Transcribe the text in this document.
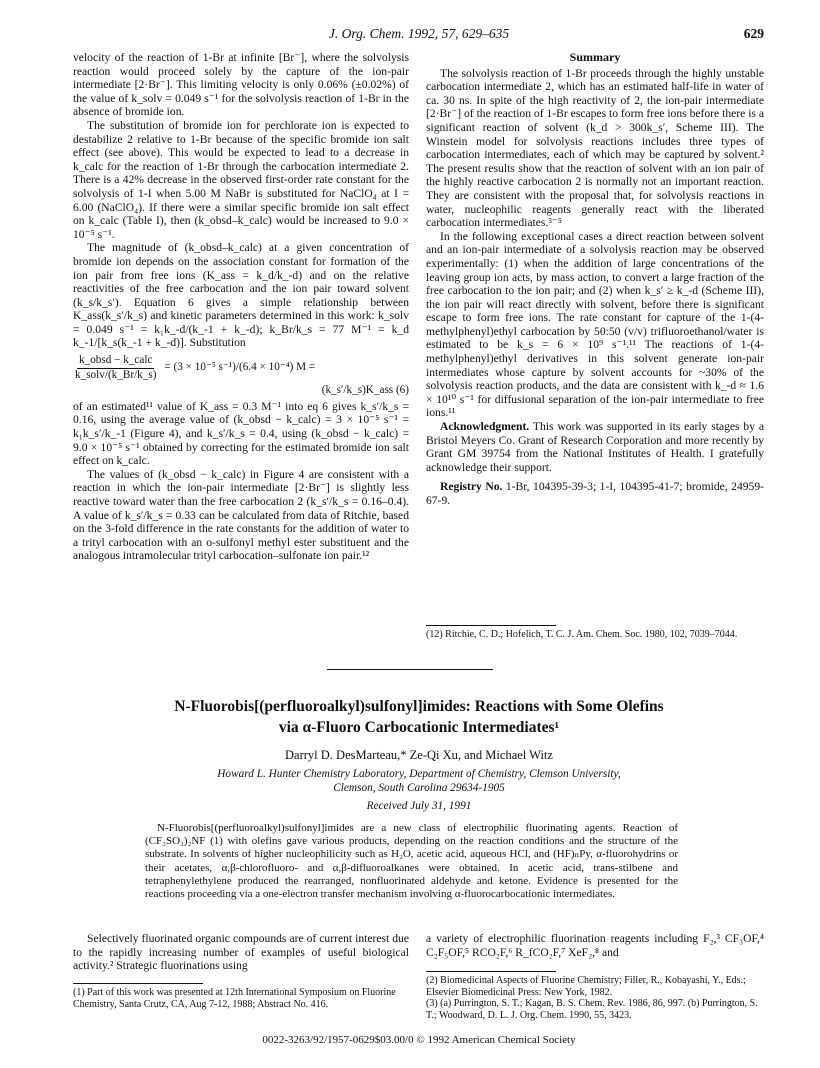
J. Org. Chem. 1992, 57, 629–635	629

velocity of the reaction of 1-Br at infinite [Br⁻], where the solvolysis reaction would proceed solely by the capture of the ion-pair intermediate [2·Br⁻]. This limiting velocity is only 0.06% (±0.02%) of the value of k_solv = 0.049 s⁻¹ for the solvolysis reaction of 1-Br in the absence of bromide ion.

The substitution of bromide ion for perchlorate ion is expected to destabilize 2 relative to 1-Br because of the specific bromide ion salt effect (see above). This would be expected to lead to a decrease in k_calc for the reaction of 1-Br through the carbocation intermediate 2. There is a 42% decrease in the observed first-order rate constant for the solvolysis of 1-I when 5.00 M NaBr is substituted for NaClO₄ at I = 6.00 (NaClO₄). If there were a similar specific bromide ion salt effect on k_calc (Table I), then (k_obsd–k_calc) would be increased to 9.0 × 10⁻⁵ s⁻¹.

The magnitude of (k_obsd–k_calc) at a given concentration of bromide ion depends on the association constant for formation of the ion pair from free ions (K_ass = k_d/k_-d) and on the relative reactivities of the free carbocation and the ion pair toward solvent (k_s/k_s′). Equation 6 gives a simple relationship between K_ass(k_s′/k_s) and kinetic parameters determined in this work: k_solv = 0.049 s⁻¹ = k₁k_-d/(k_-1 + k_-d); k_Br/k_s = 77 M⁻¹ = k_d k_-1/[k_s(k_-1 + k_-d)]. Substitution

$\frac{\text{k\_obsd − k\_calc}}{\text{k\_solv/(k\_Br/k\_s)}} = (3 \times 10^{-5}$ s⁻¹)/(6.4 × 10⁻⁴) M =
(k_s′/k_s)K_ass (6)

of an estimated¹¹ value of K_ass = 0.3 M⁻¹ into eq 6 gives k_s′/k_s = 0.16, using the average value of (k_obsd − k_calc) = 3 × 10⁻⁵ s⁻¹ = k₁k_s′/k_-1 (Figure 4), and k_s′/k_s = 0.4, using (k_obsd − k_calc) = 9.0 × 10⁻⁵ s⁻¹ obtained by correcting for the estimated bromide ion salt effect on k_calc.

The values of (k_obsd − k_calc) in Figure 4 are consistent with a reaction in which the ion-pair intermediate [2·Br⁻] is slightly less reactive toward water than the free carbocation 2 (k_s′/k_s = 0.16–0.4). A value of k_s′/k_s = 0.33 can be calculated from data of Ritchie, based on the 3-fold difference in the rate constants for the addition of water to a trityl carbocation with an o-sulfonyl methyl ester substituent and the analogous intramolecular trityl carbocation–sulfonate ion pair.¹²

Summary

The solvolysis reaction of 1-Br proceeds through the highly unstable carbocation intermediate 2, which has an estimated half-life in water of ca. 30 ns. In spite of the high reactivity of 2, the ion-pair intermediate [2·Br⁻] of the reaction of 1-Br escapes to form free ions before there is a significant reaction of solvent (k_d > 300k_s′, Scheme III). The Winstein model for solvolysis reactions includes three types of carbocation intermediates, each of which may be captured by solvent.² The present results show that the reaction of solvent with an ion pair of the highly reactive carbocation 2 is normally not an important reaction. They are consistent with the proposal that, for solvolysis reactions in water, nucleophilic reagents generally react with the liberated carbocation intermediates.³⁻⁵

In the following exceptional cases a direct reaction between solvent and an ion-pair intermediate of a solvolysis reaction may be observed experimentally: (1) when the addition of large concentrations of the leaving group ion acts, by mass action, to convert a large fraction of the free carbocation to the ion pair; and (2) when k_s′ ≥ k_-d (Scheme III), the ion pair will react directly with solvent, before there is significant escape to form free ions. The rate constant for capture of the 1-(4-methylphenyl)ethyl carbocation by 50:50 (v/v) trifluoroethanol/water is estimated to be k_s = 6 × 10⁹ s⁻¹.¹¹ The reactions of 1-(4-methylphenyl)ethyl derivatives in this solvent generate ion-pair intermediates whose capture by solvent accounts for ~30% of the solvolysis reaction products, and the data are consistent with k_-d ≈ 1.6 × 10¹⁰ s⁻¹ for diffusional separation of the ion-pair intermediate to free ions.¹¹

Acknowledgment. This work was supported in its early stages by a Bristol Meyers Co. Grant of Research Corporation and more recently by Grant GM 39754 from the National Institutes of Health. I gratefully acknowledge their support.

Registry No. 1-Br, 104395-39-3; 1-I, 104395-41-7; bromide, 24959-67-9.

(12) Ritchie, C. D.; Hofelich, T. C. J. Am. Chem. Soc. 1980, 102, 7039–7044.
N-Fluorobis[(perfluoroalkyl)sulfonyl]imides: Reactions with Some Olefins
via α-Fluoro Carbocationic Intermediates¹
Darryl D. DesMarteau,* Ze-Qi Xu, and Michael Witz
Howard L. Hunter Chemistry Laboratory, Department of Chemistry, Clemson University,
Clemson, South Carolina 29634-1905
Received July 31, 1991
N-Fluorobis[(perfluoroalkyl)sulfonyl]imides are a new class of electrophilic fluorinating agents. Reaction of (CF₃SO₂)₂NF (1) with olefins gave various products, depending on the reaction conditions and the structure of the substrate. In solvents of higher nucleophilicity such as H₂O, acetic acid, aqueous HCl, and (HF)ₙPy, α-fluorohydrins or their acetates, α,β-chlorofluoro- and α,β-difluoroalkanes were obtained. In acetic acid, trans-stilbene and tetraphenylethylene produced the rearranged, nonfluorinated aldehyde and ketone. Evidence is presented for the reactions proceeding via a one-electron transfer mechanism involving α-fluorocarbocationic intermediates.
Selectively fluorinated organic compounds are of current interest due to the rapidly increasing number of examples of useful biological activity.² Strategic fluorinations using
a variety of electrophilic fluorination reagents including F₂,³ CF₃OF,⁴ C₂F₅OF,⁵ RCO₂F,⁶ R_fCO₂F,⁷ XeF₂,⁸ and
(1) Part of this work was presented at 12th International Symposium on Fluorine Chemistry, Santa Crutz, CA, Aug 7-12, 1988; Abstract No. 416.
(2) Biomedicinal Aspects of Fluorine Chemistry; Filler, R., Kobayashi, Y., Eds.; Elsevier Biomedicinal Press: New York, 1982.
(3) (a) Purrington, S. T.; Kagan, B. S. Chem. Rev. 1986, 86, 997. (b) Purrington, S. T.; Woodward, D. L. J. Org. Chem. 1990, 55, 3423.
0022-3263/92/1957-0629$03.00/0 © 1992 American Chemical Society
